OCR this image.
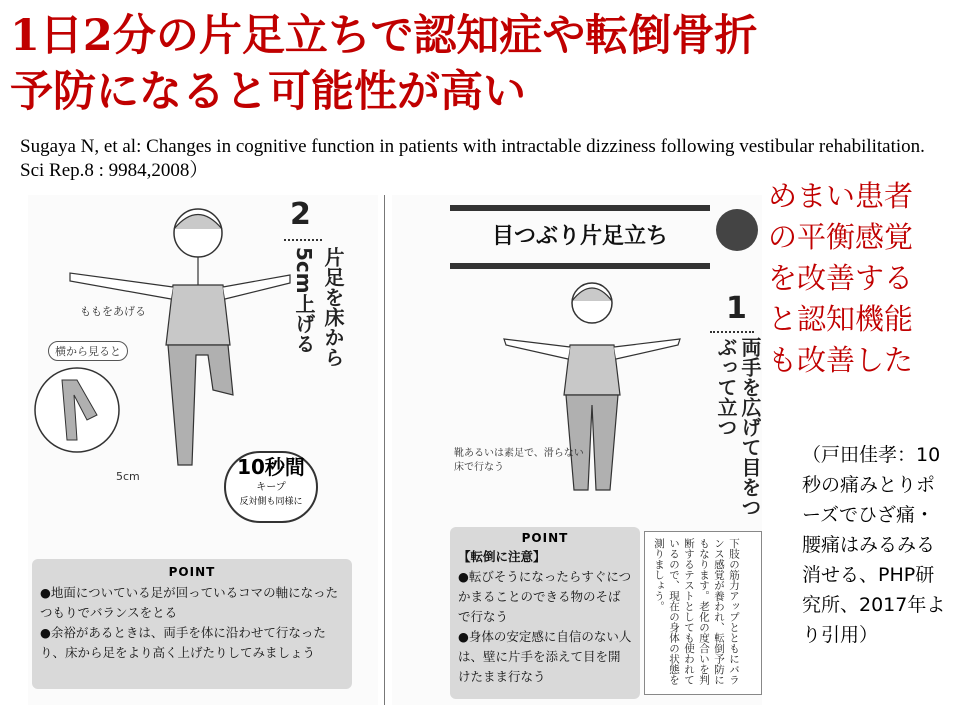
1日2分の片足立ちで認知症や転倒骨折
予防になると可能性が高い
Sugaya N, et al: Changes in cognitive function in patients with intractable dizziness following vestibular rehabilitation. Sci Rep.8 : 9984,2008）
ももをあげる
横から見ると
5cm
2
片足を床から5cm上げる
10秒間
キープ
反対側も同様に
POINT
●地面についている足が回っているコマの軸になったつもりでバランスをとる
●余裕があるときは、両手を体に沿わせて行なったり、床から足をより高く上げたりしてみましょう
目つぶり片足立ち
1
両手を広げて目をつぶって立つ
靴あるいは素足で、滑らない床で行なう
POINT
【転倒に注意】
●転びそうになったらすぐにつかまることのできる物のそばで行なう
●身体の安定感に自信のない人は、壁に片手を添えて目を開けたまま行なう	下肢の筋力アップとともにバランス感覚が養われ、転倒予防にもなります。老化の度合いを判断するテストとしても使われているので、現在の身体の状態を測りましょう。
めまい患者
の平衡感覚
を改善する
と認知機能
も改善した
（戸田佳孝：10秒の痛みとりポーズでひざ痛・腰痛はみるみる消せる、PHP研究所、2017年より引用）
